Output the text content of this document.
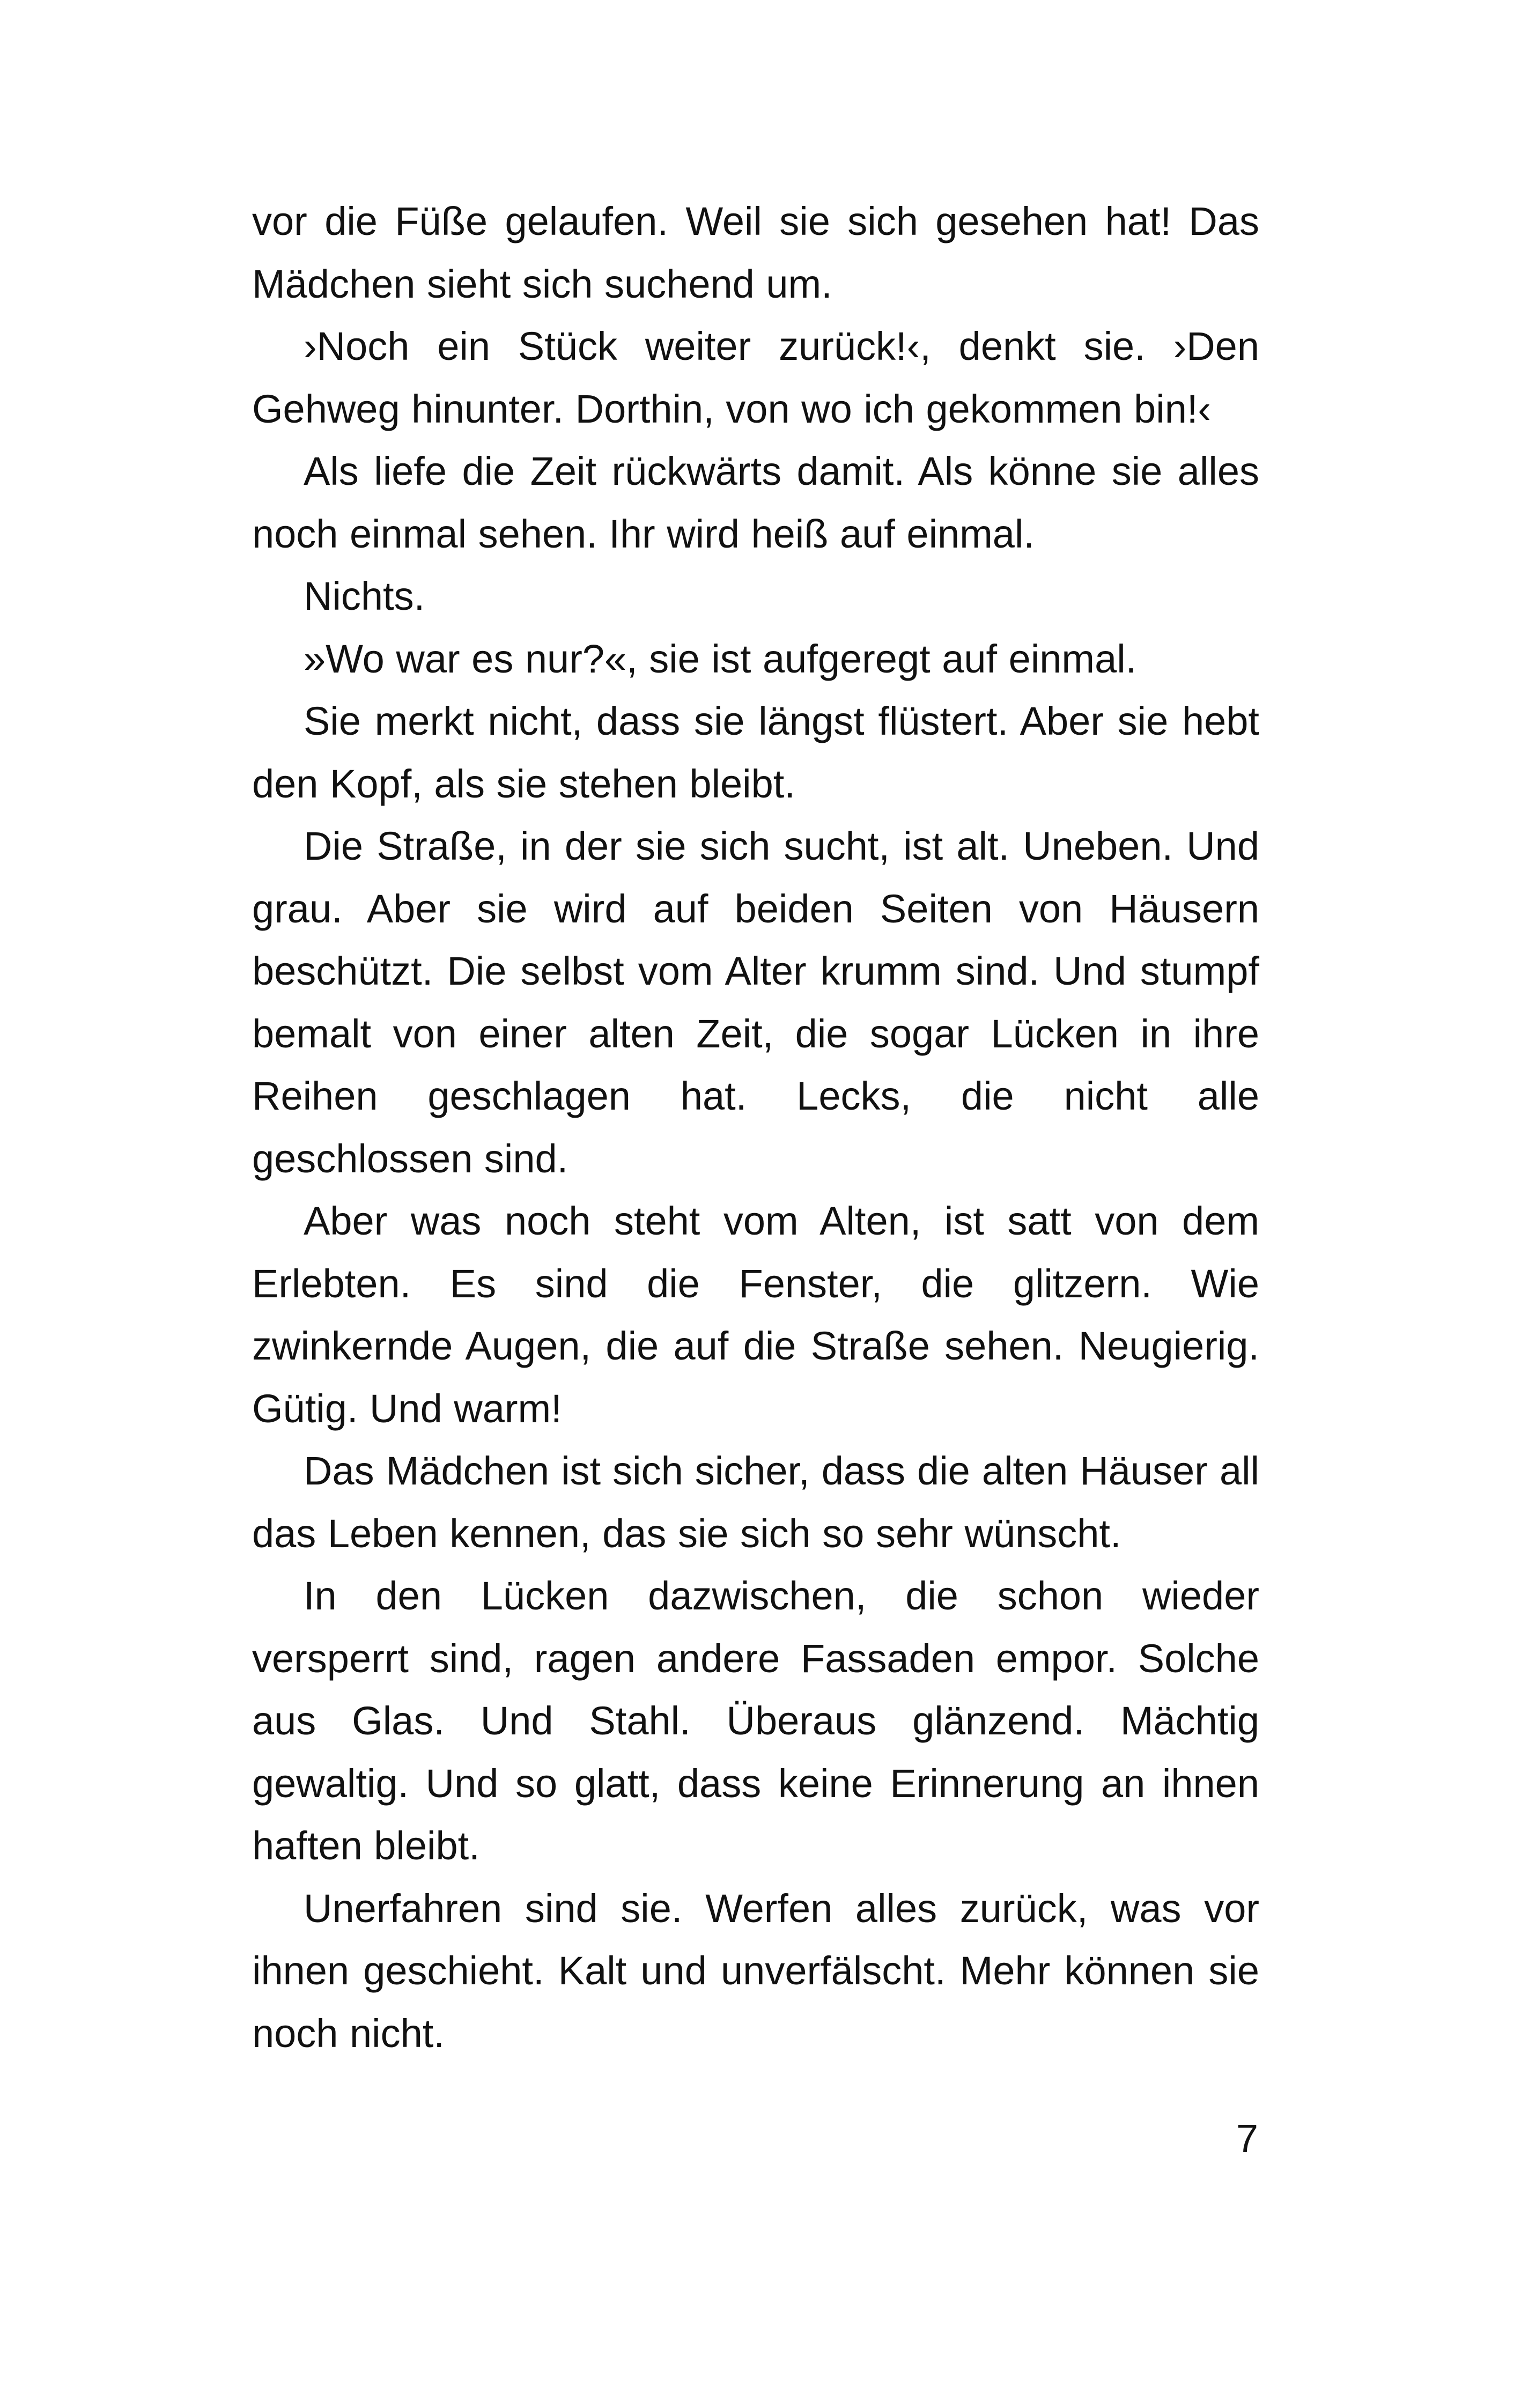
vor die Füße gelaufen. Weil sie sich gesehen hat! Das Mädchen sieht sich suchend um.

›Noch ein Stück weiter zurück!‹, denkt sie. ›Den Gehweg hinunter. Dorthin, von wo ich gekommen bin!‹

Als liefe die Zeit rückwärts damit. Als könne sie alles noch einmal sehen. Ihr wird heiß auf einmal.

Nichts.

»Wo war es nur?«, sie ist aufgeregt auf einmal.

Sie merkt nicht, dass sie längst flüstert. Aber sie hebt den Kopf, als sie stehen bleibt.

Die Straße, in der sie sich sucht, ist alt. Uneben. Und grau. Aber sie wird auf beiden Seiten von Häusern beschützt. Die selbst vom Alter krumm sind. Und stumpf bemalt von einer alten Zeit, die sogar Lücken in ihre Reihen geschlagen hat. Lecks, die nicht alle geschlossen sind.

Aber was noch steht vom Alten, ist satt von dem Erlebten. Es sind die Fenster, die glitzern. Wie zwinkernde Augen, die auf die Straße sehen. Neugierig. Gütig. Und warm!

Das Mädchen ist sich sicher, dass die alten Häuser all das Leben kennen, das sie sich so sehr wünscht.

In den Lücken dazwischen, die schon wieder versperrt sind, ragen andere Fassaden empor. Solche aus Glas. Und Stahl. Überaus glänzend. Mächtig gewaltig. Und so glatt, dass keine Erinnerung an ihnen haften bleibt.

Unerfahren sind sie. Werfen alles zurück, was vor ihnen geschieht. Kalt und unverfälscht. Mehr können sie noch nicht.

7
